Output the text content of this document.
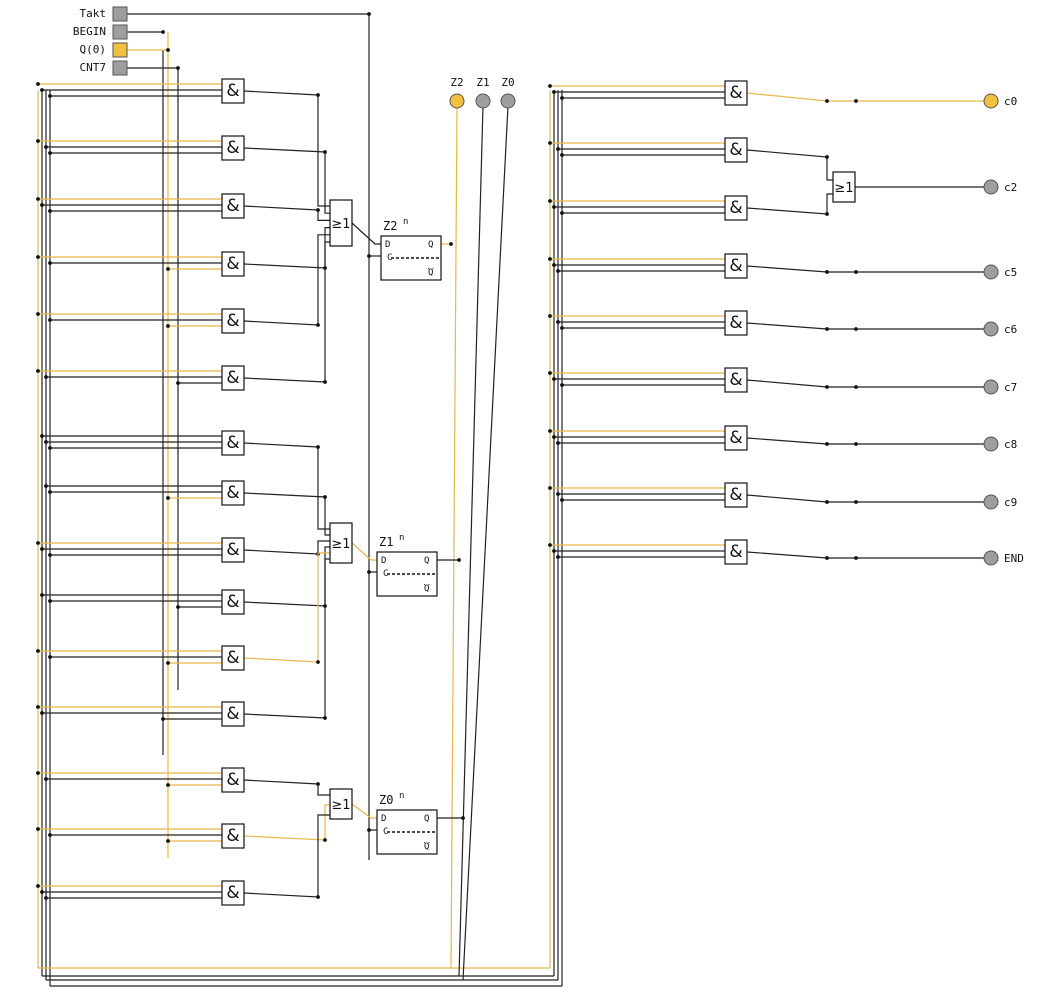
Takt
BEGIN
Q(0)
CNT7
&
&
&
&
&
&
&
&
&
&
&
&
&
&
&
≥1
≥1
≥1
Z2 n
D
C
Q
Q
Z1 n
D
C
Q
Q
Z0 n
D
C
Q
Q
Z2 Z1 Z0
&
&
&
&
&
&
&
&
&
≥1
c0
c2
c5
c6
c7
c8
c9
END
